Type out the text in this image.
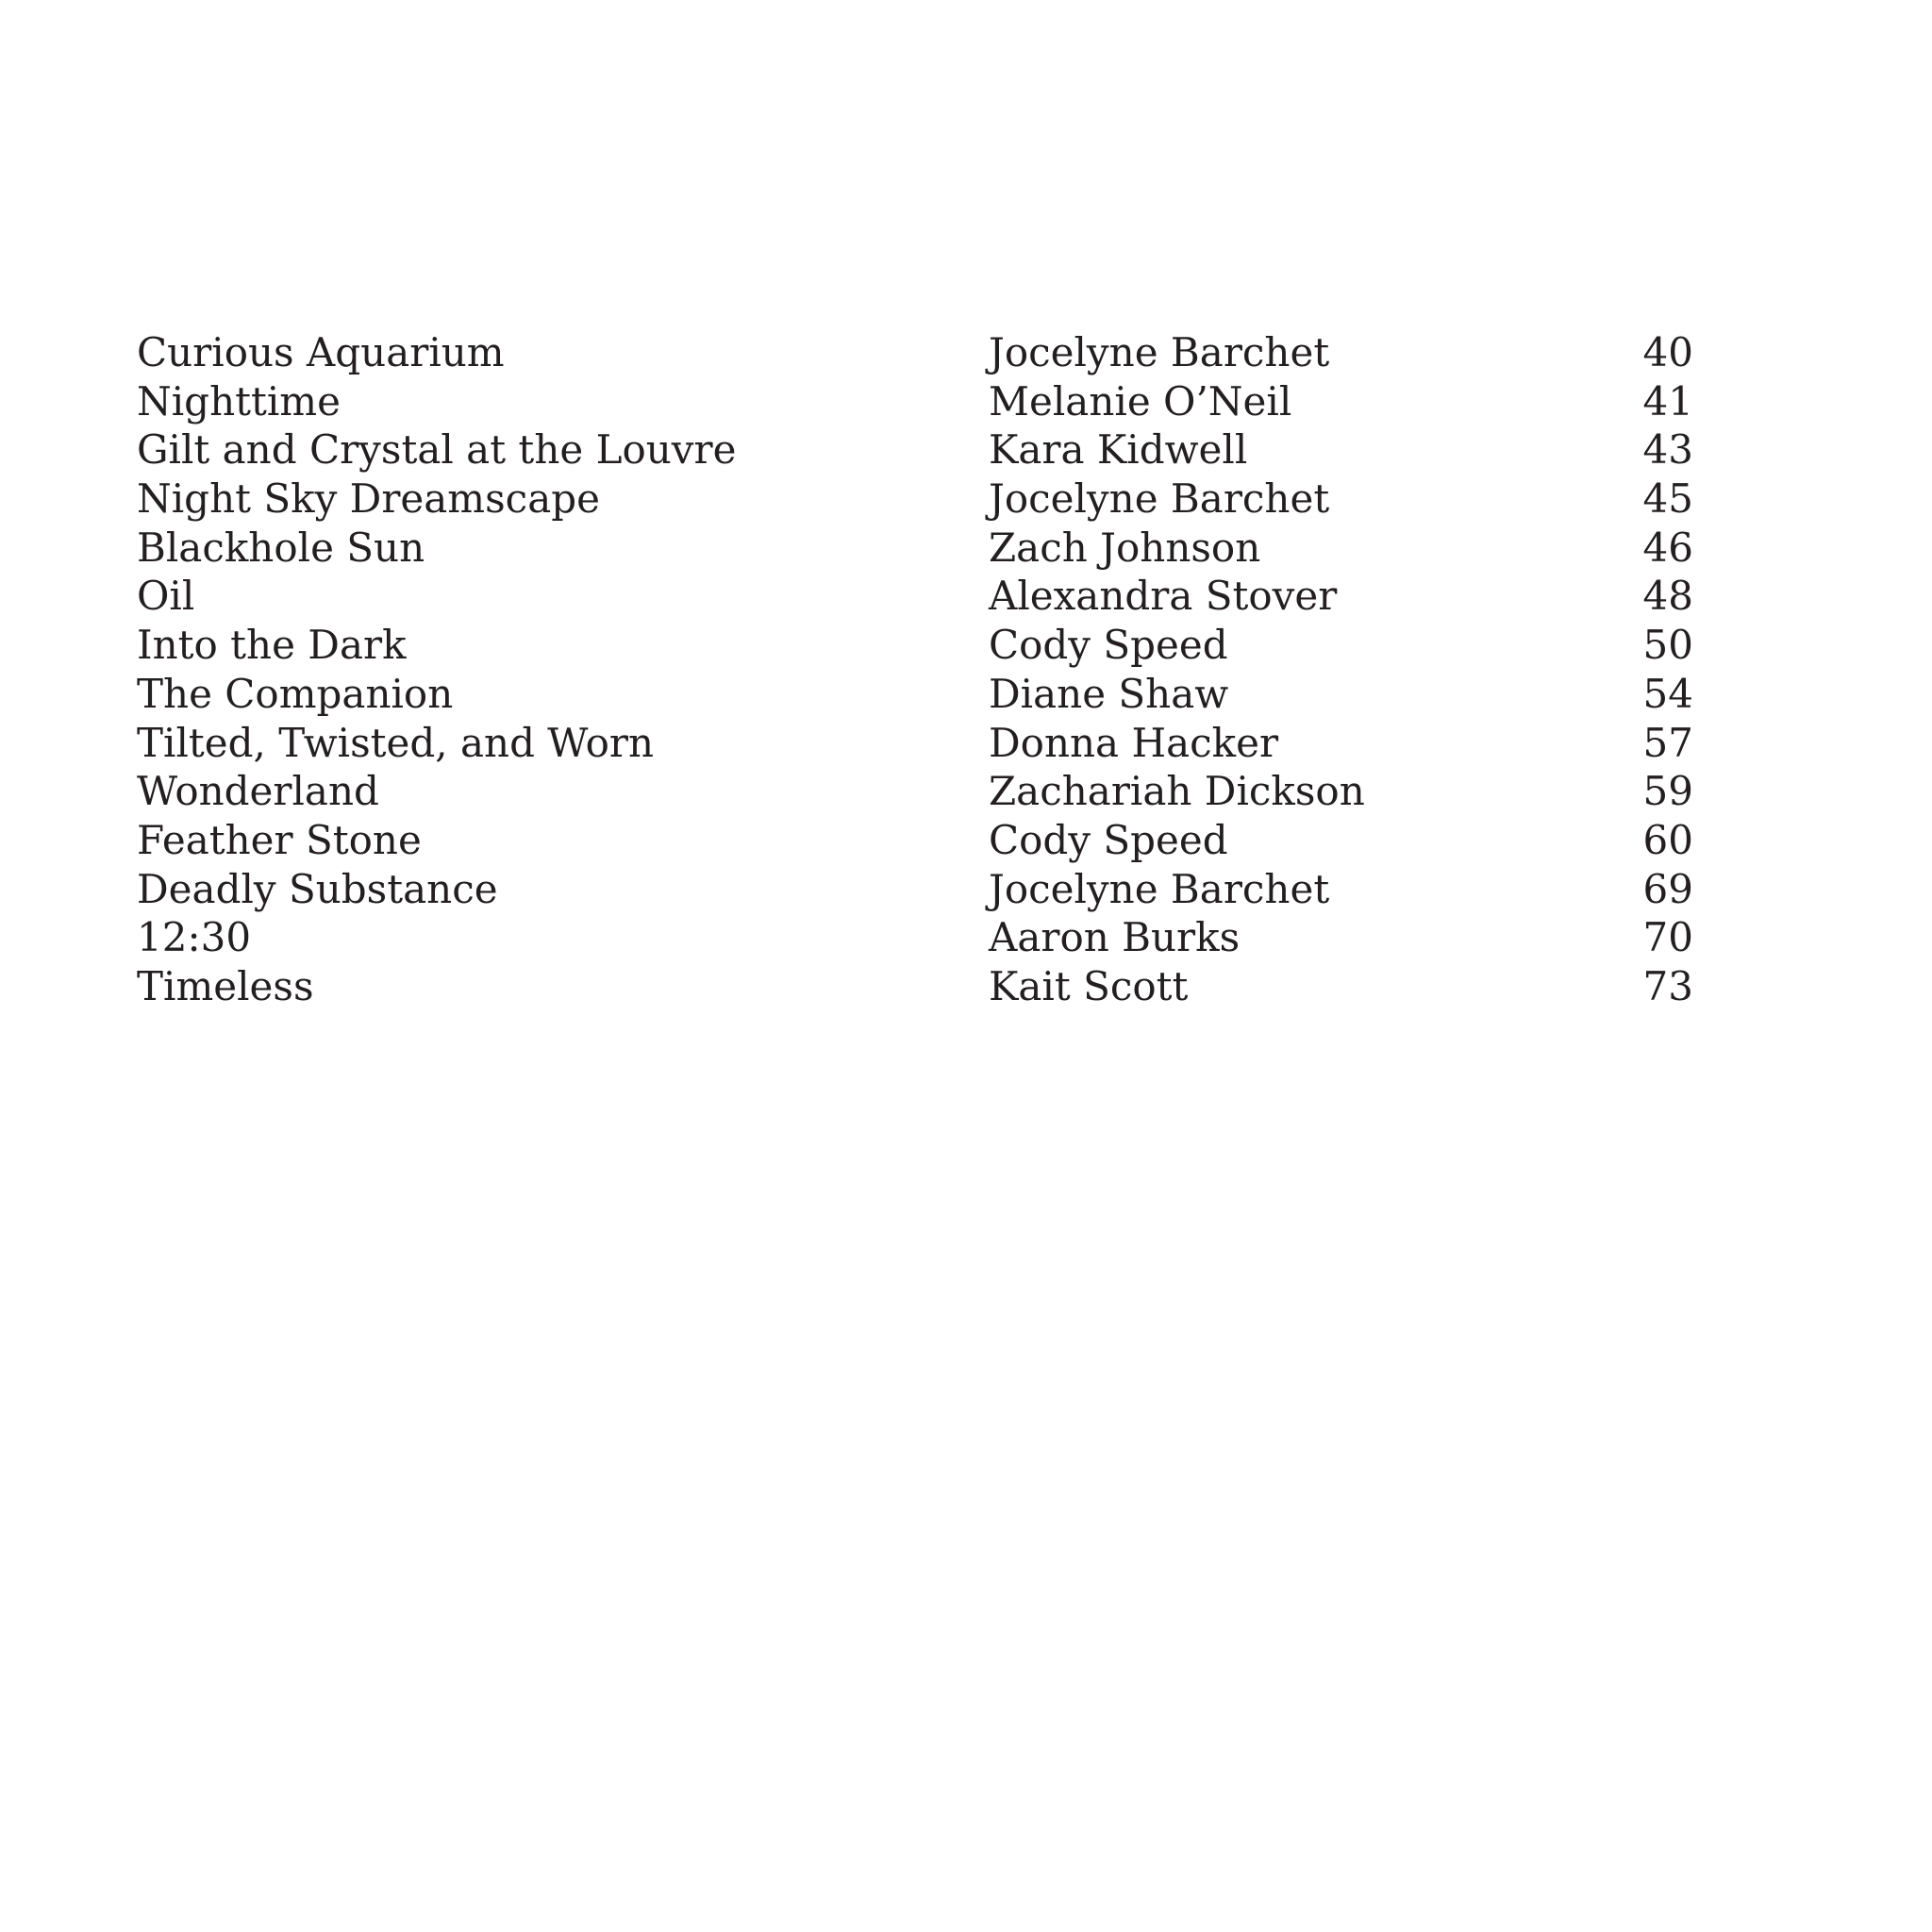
Curious Aquarium	Jocelyne Barchet	40
Nighttime	Melanie O’Neil	41
Gilt and Crystal at the Louvre	Kara Kidwell	43
Night Sky Dreamscape	Jocelyne Barchet	45
Blackhole Sun	Zach Johnson	46
Oil	Alexandra Stover	48
Into the Dark	Cody Speed	50
The Companion	Diane Shaw	54
Tilted, Twisted, and Worn	Donna Hacker	57
Wonderland	Zachariah Dickson	59
Feather Stone	Cody Speed	60
Deadly Substance	Jocelyne Barchet	69
12:30	Aaron Burks	70
Timeless	Kait Scott	73
